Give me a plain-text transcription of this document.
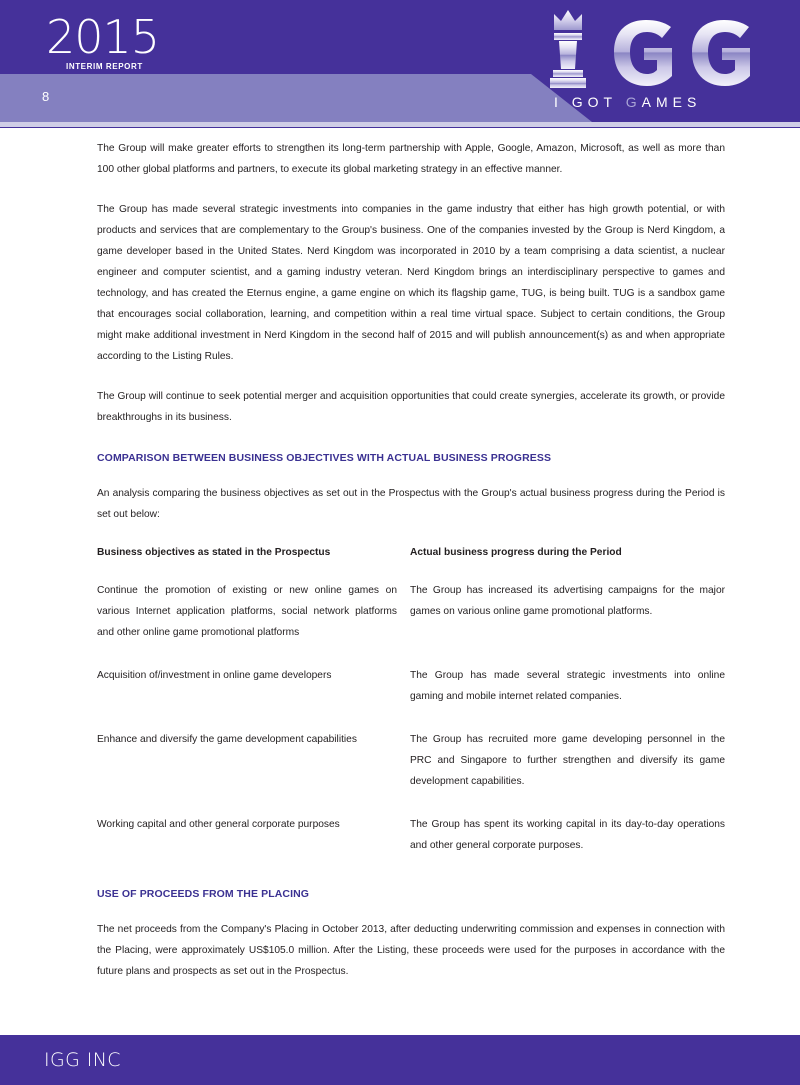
2015
INTERIM REPORT
8	I GOT GAMES

The Group will make greater efforts to strengthen its long-term partnership with Apple, Google, Amazon, Microsoft, as well as more than 100 other global platforms and partners, to execute its global marketing strategy in an effective manner.

The Group has made several strategic investments into companies in the game industry that either has high growth potential, or with products and services that are complementary to the Group's business. One of the companies invested by the Group is Nerd Kingdom, a game developer based in the United States. Nerd Kingdom was incorporated in 2010 by a team comprising a data scientist, a nuclear engineer and computer scientist, and a gaming industry veteran. Nerd Kingdom brings an interdisciplinary perspective to games and technology, and has created the Eternus engine, a game engine on which its flagship game, TUG, is being built. TUG is a sandbox game that encourages social collaboration, learning, and competition within a real time virtual space. Subject to certain conditions, the Group might make additional investment in Nerd Kingdom in the second half of 2015 and will publish announcement(s) as and when appropriate according to the Listing Rules.

The Group will continue to seek potential merger and acquisition opportunities that could create synergies, accelerate its growth, or provide breakthroughs in its business.

COMPARISON BETWEEN BUSINESS OBJECTIVES WITH ACTUAL BUSINESS PROGRESS

An analysis comparing the business objectives as set out in the Prospectus with the Group's actual business progress during the Period is set out below:

Business objectives as stated in the Prospectus	Actual business progress during the Period
Continue the promotion of existing or new online games on various Internet application platforms, social network platforms and other online game promotional platforms	The Group has increased its advertising campaigns for the major games on various online game promotional platforms.
Acquisition of/investment in online game developers	The Group has made several strategic investments into online gaming and mobile internet related companies.
Enhance and diversify the game development capabilities	The Group has recruited more game developing personnel in the PRC and Singapore to further strengthen and diversify its game development capabilities.
Working capital and other general corporate purposes	The Group has spent its working capital in its day-to-day operations and other general corporate purposes.
USE OF PROCEEDS FROM THE PLACING

The net proceeds from the Company's Placing in October 2013, after deducting underwriting commission and expenses in connection with the Placing, were approximately US$105.0 million. After the Listing, these proceeds were used for the purposes in accordance with the future plans and prospects as set out in the Prospectus.

IGG INC
